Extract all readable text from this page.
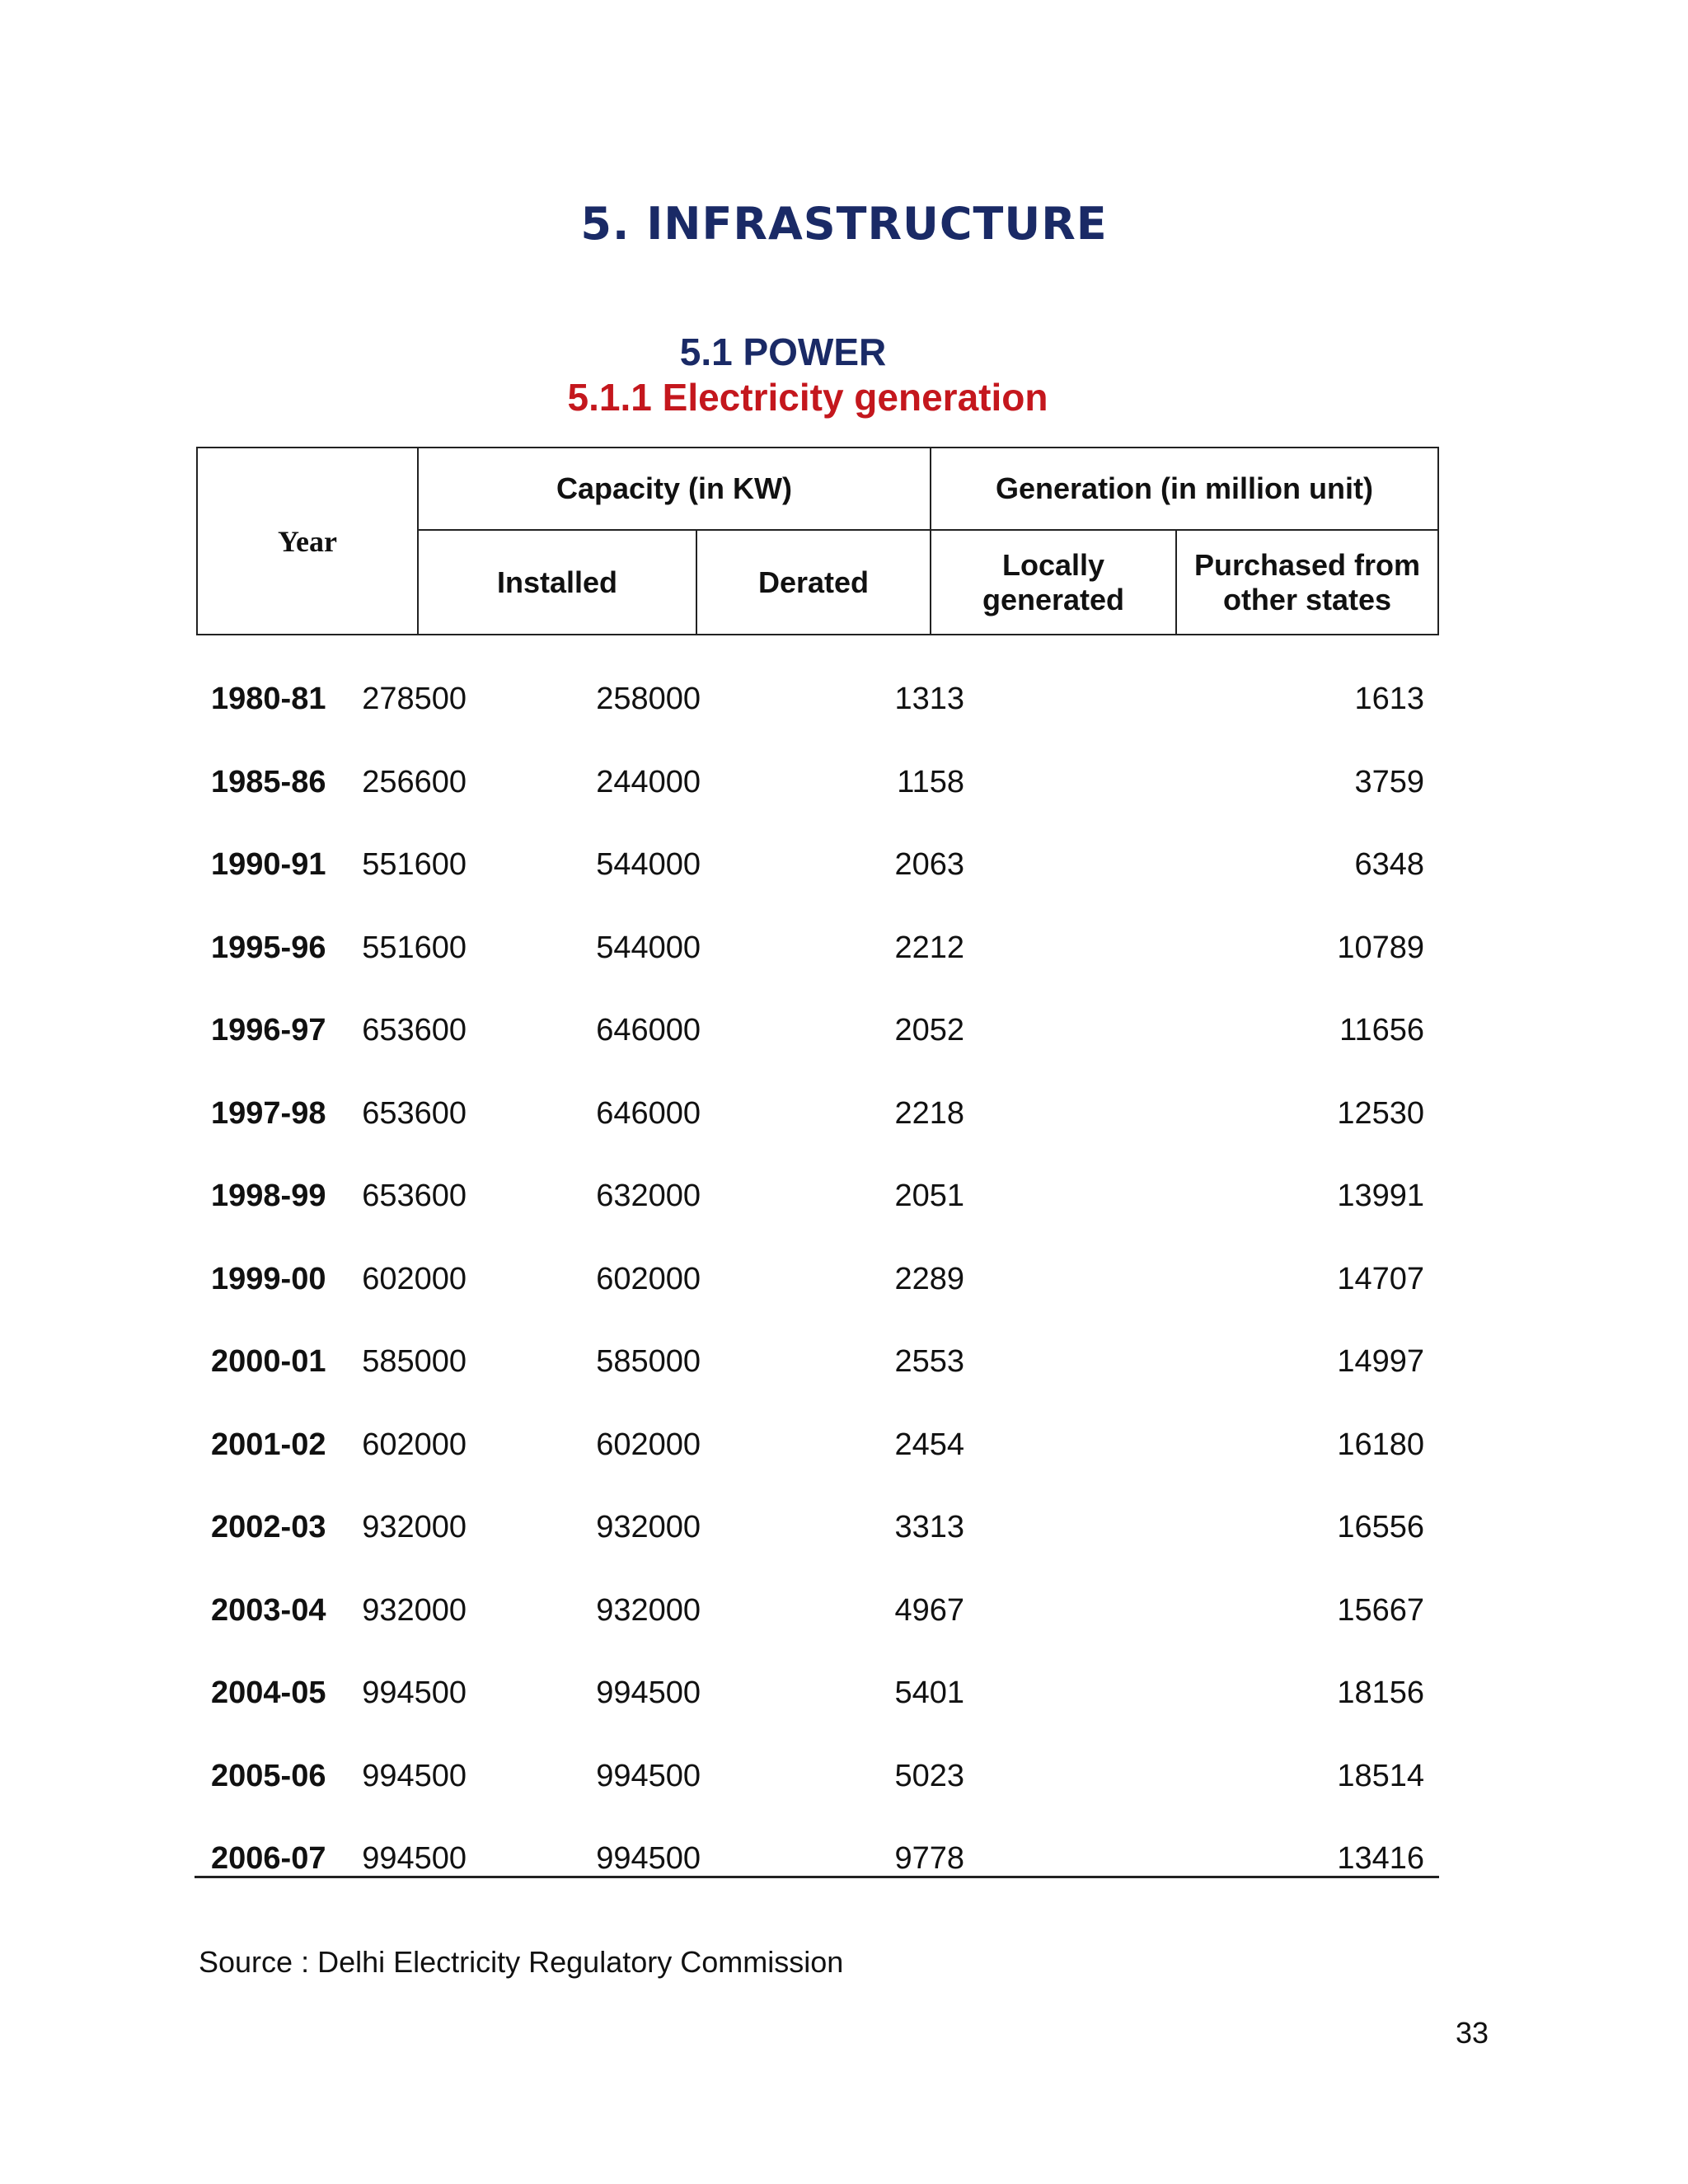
5. INFRASTRUCTURE
5.1 POWER
5.1.1 Electricity generation
Year
Capacity (in KW)	Generation (in million unit)
Installed	Derated
Locally generated
Purchased from other states
1980-81 278500	258000	1313	1613
1985-86 256600	244000	1158	3759
1990-91 551600	544000	2063	6348
1995-96 551600	544000	2212	10789
1996-97 653600	646000	2052	11656
1997-98 653600	646000	2218	12530
1998-99 653600	632000	2051	13991
1999-00 602000	602000	2289	14707
2000-01 585000	585000	2553	14997
2001-02 602000	602000	2454	16180
2002-03 932000	932000	3313	16556
2003-04 932000	932000	4967	15667
2004-05 994500	994500	5401	18156
2005-06 994500	994500	5023	18514
2006-07 994500	994500	9778	13416
Source : Delhi Electricity Regulatory Commission
33
